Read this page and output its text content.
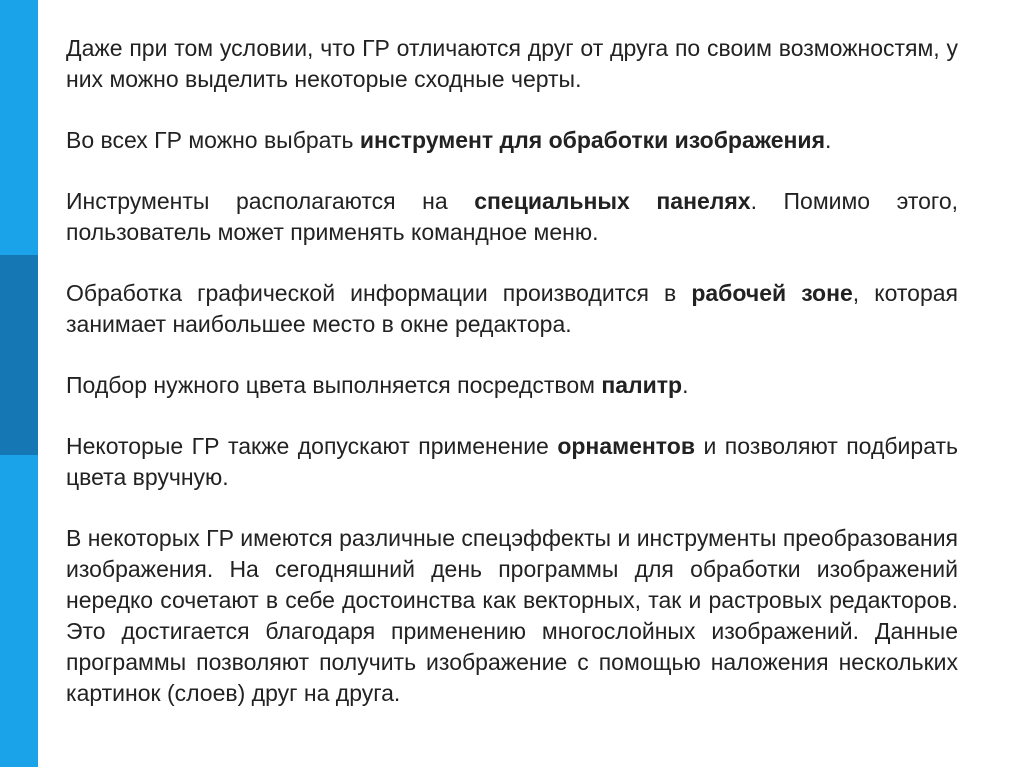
Даже при том условии, что ГР отличаются друг от друга по своим возможностям, у них можно выделить некоторые сходные черты.

Во всех ГР можно выбрать инструмент для обработки изображения.

Инструменты располагаются на специальных панелях. Помимо этого, пользователь может применять командное меню.

Обработка графической информации производится в рабочей зоне, которая занимает наибольшее место в окне редактора.

Подбор нужного цвета выполняется посредством палитр.

Некоторые ГР также допускают применение орнаментов и позволяют подбирать цвета вручную.

В некоторых ГР имеются различные спецэффекты и инструменты преобразования изображения. На сегодняшний день программы для обработки изображений нередко сочетают в себе достоинства как векторных, так и растровых редакторов. Это достигается благодаря применению многослойных изображений. Данные программы позволяют получить изображение с помощью наложения нескольких картинок (слоев) друг на друга.
